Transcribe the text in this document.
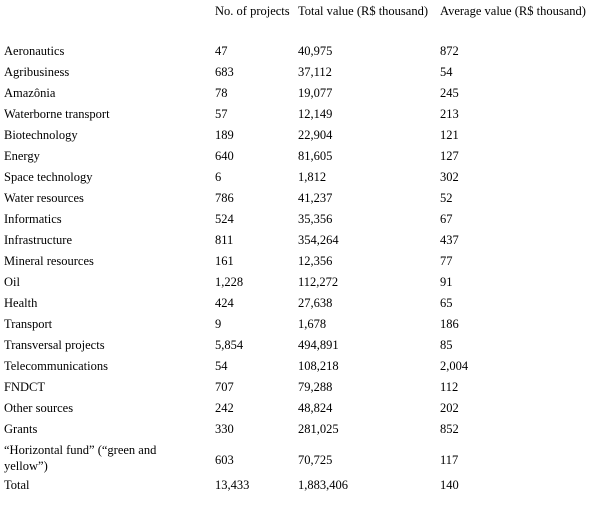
	No. of projects	Total value (R$ thousand)	Average value (R$ thousand)
Aeronautics	47	40,975	872
Agribusiness	683	37,112	54
Amazônia	78	19,077	245
Waterborne transport	57	12,149	213
Biotechnology	189	22,904	121
Energy	640	81,605	127
Space technology	6	1,812	302
Water resources	786	41,237	52
Informatics	524	35,356	67
Infrastructure	811	354,264	437
Mineral resources	161	12,356	77
Oil	1,228	112,272	91
Health	424	27,638	65
Transport	9	1,678	186
Transversal projects	5,854	494,891	85
Telecommunications	54	108,218	2,004
FNDCT	707	79,288	112
Other sources	242	48,824	202
Grants	330	281,025	852

“Horizontal fund” (“green and yellow”)	603	70,725	117
Total	13,433	1,883,406	140
